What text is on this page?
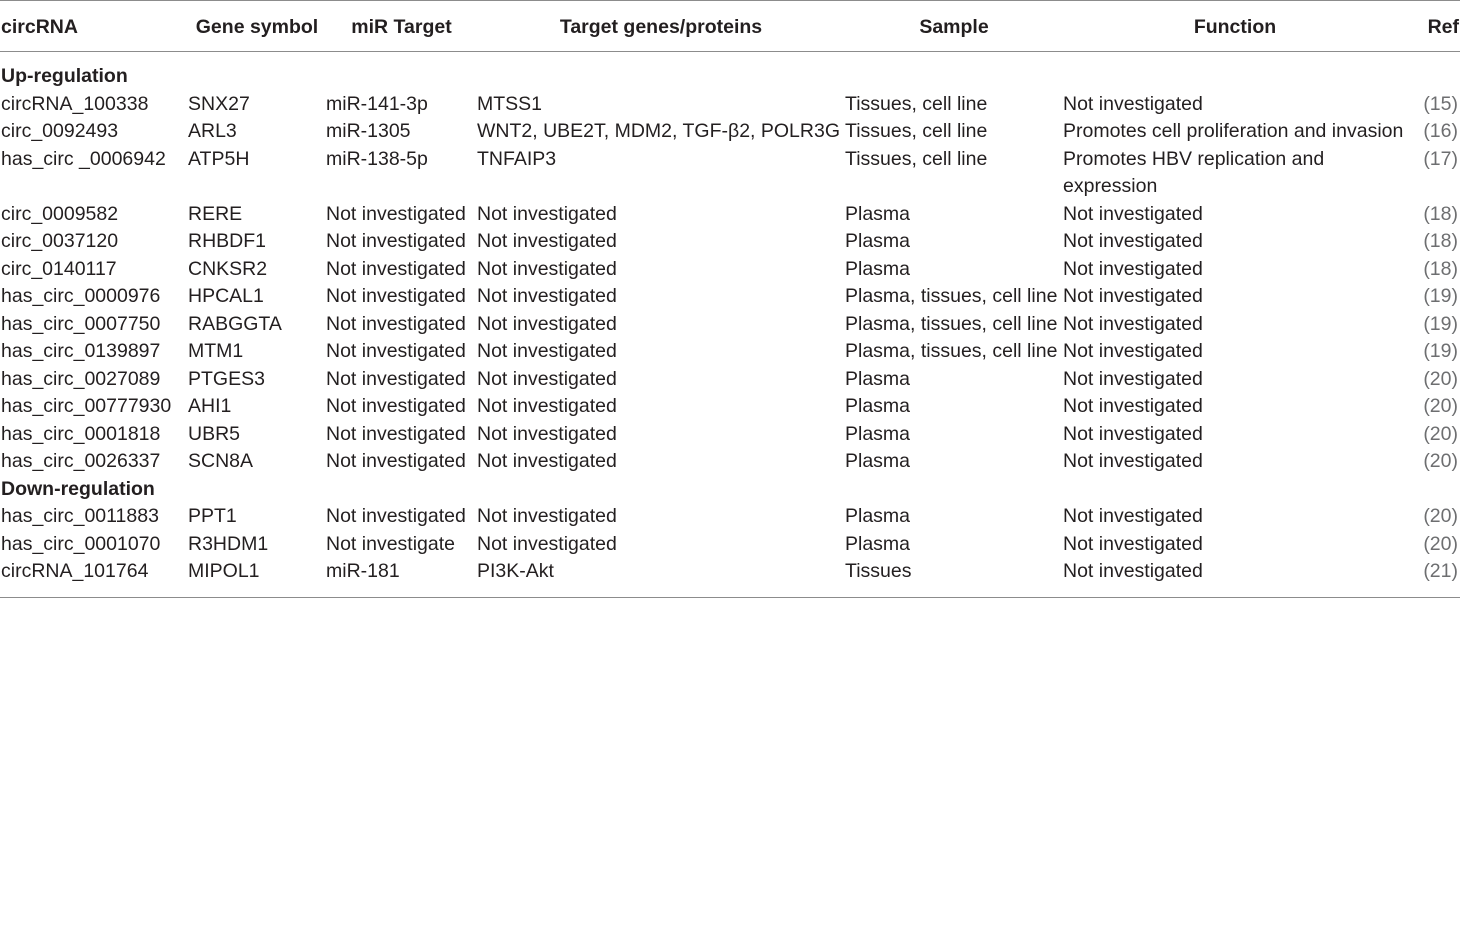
circRNA	Gene symbol	miR Target	Target genes/proteins	Sample	Function	Ref
Up-regulation						
circRNA_100338	SNX27	miR-141-3p	MTSS1	Tissues, cell line	Not investigated	(15)
circ_0092493	ARL3	miR-1305	WNT2, UBE2T, MDM2, TGF-β2, POLR3G	Tissues, cell line	Promotes cell proliferation and invasion	(16)
has_circ _0006942	ATP5H	miR-138-5p	TNFAIP3	Tissues, cell line	Promotes HBV replication and expression	(17)
circ_0009582	RERE	Not investigated	Not investigated	Plasma	Not investigated	(18)
circ_0037120	RHBDF1	Not investigated	Not investigated	Plasma	Not investigated	(18)
circ_0140117	CNKSR2	Not investigated	Not investigated	Plasma	Not investigated	(18)
has_circ_0000976	HPCAL1	Not investigated	Not investigated	Plasma, tissues, cell line	Not investigated	(19)
has_circ_0007750	RABGGTA	Not investigated	Not investigated	Plasma, tissues, cell line	Not investigated	(19)
has_circ_0139897	MTM1	Not investigated	Not investigated	Plasma, tissues, cell line	Not investigated	(19)
has_circ_0027089	PTGES3	Not investigated	Not investigated	Plasma	Not investigated	(20)
has_circ_00777930	AHI1	Not investigated	Not investigated	Plasma	Not investigated	(20)
has_circ_0001818	UBR5	Not investigated	Not investigated	Plasma	Not investigated	(20)
has_circ_0026337	SCN8A	Not investigated	Not investigated	Plasma	Not investigated	(20)
Down-regulation						
has_circ_0011883	PPT1	Not investigated	Not investigated	Plasma	Not investigated	(20)
has_circ_0001070	R3HDM1	Not investigate	Not investigated	Plasma	Not investigated	(20)
circRNA_101764	MIPOL1	miR-181	PI3K-Akt	Tissues	Not investigated	(21)
